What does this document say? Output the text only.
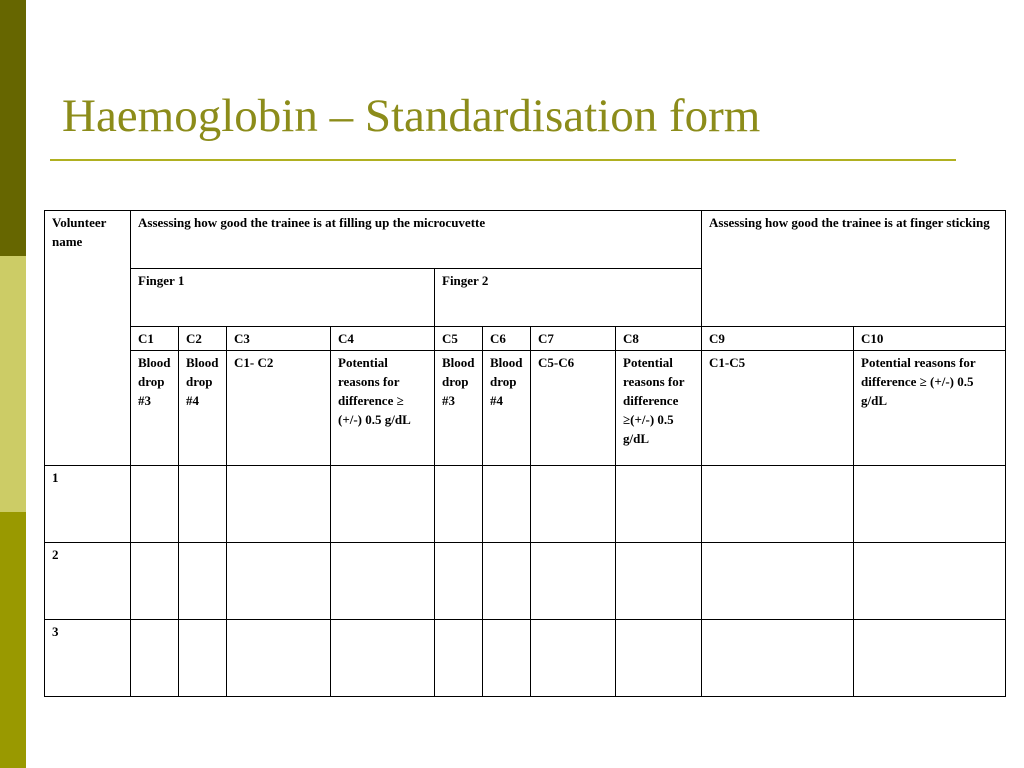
Haemoglobin – Standardisation form
Volunteer name	Assessing how good the trainee is at filling up the microcuvette								Assessing how good the trainee is at finger sticking	
	Finger 1				Finger 2					
	C1	C2	C3	C4	C5	C6	C7	C8	C9	C10
	Blood drop #3	Blood drop #4	C1- C2	Potential reasons for difference ≥ (+/-) 0.5 g/dL	Blood drop #3	Blood drop #4	C5-C6	Potential reasons for difference ≥(+/-) 0.5 g/dL	C1-C5	Potential reasons for difference ≥ (+/-) 0.5 g/dL
1										
2										
3										
